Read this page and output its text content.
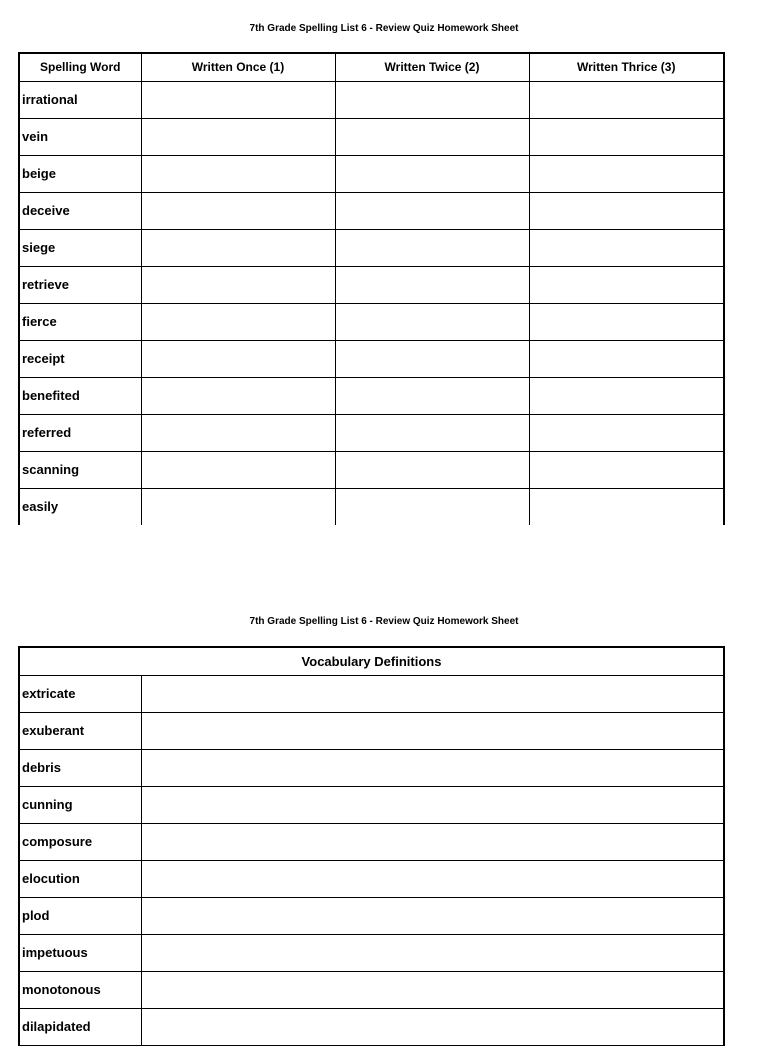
7th Grade Spelling List 6 - Review Quiz Homework Sheet
Spelling Word	Written Once (1)	Written Twice (2)	Written Thrice (3)
irrational			
vein			
beige			
deceive			
siege			
retrieve			
fierce			
receipt			
benefited			
referred			
scanning			
easily			
7th Grade Spelling List 6 - Review Quiz Homework Sheet
Vocabulary Definitions	
extricate	
exuberant	
debris	
cunning	
composure	
elocution	
plod	
impetuous	
monotonous	
dilapidated	
